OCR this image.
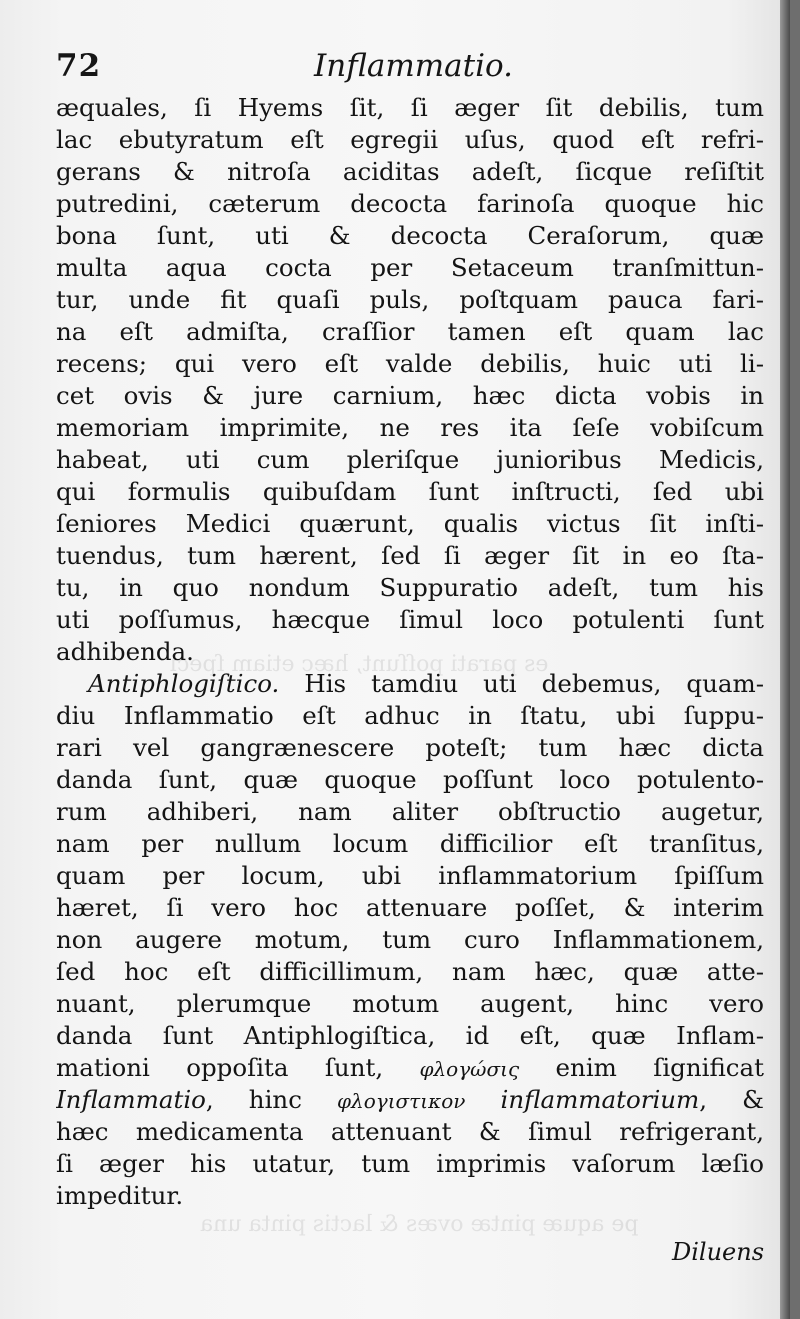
es parati poſſunt, hæc etiam ſpeci
pe aquæ pintæ ovæs & lactis pinta una
72	Inflammatio.
æquales, ſi Hyems ſit, ſi æger ſit debilis, tum
lac ebutyratum eſt egregii uſus, quod eſt refri-
gerans & nitroſa aciditas adeſt, ſicque reſiſtit
putredini, cæterum decocta farinoſa quoque hic
bona ſunt, uti & decocta Ceraſorum, quæ
multa aqua cocta per Setaceum tranſmittun-
tur, unde fit quaſi puls, poſtquam pauca fari-
na eſt admiſta, craſſior tamen eſt quam lac
recens; qui vero eſt valde debilis, huic uti li-
cet ovis & jure carnium, hæc dicta vobis in
memoriam imprimite, ne res ita ſeſe vobiſcum
habeat, uti cum pleriſque junioribus Medicis,
qui formulis quibuſdam ſunt inſtructi, ſed ubi
ſeniores Medici quærunt, qualis victus ſit inſti-
tuendus, tum hærent, ſed ſi æger ſit in eo ſta-
tu, in quo nondum Suppuratio adeſt, tum his
uti poſſumus, hæcque ſimul loco potulenti ſunt
adhibenda.
Antiphlogiſtico. His tamdiu uti debemus, quam-
diu Inflammatio eſt adhuc in ſtatu, ubi ſuppu-
rari vel gangrænescere poteſt; tum hæc dicta
danda ſunt, quæ quoque poſſunt loco potulento-
rum adhiberi, nam aliter obſtructio augetur,
nam per nullum locum difficilior eſt tranſitus,
quam per locum, ubi inflammatorium ſpiſſum
hæret, ſi vero hoc attenuare poſſet, & interim
non augere motum, tum curo Inflammationem,
ſed hoc eſt difficillimum, nam hæc, quæ atte-
nuant, plerumque motum augent, hinc vero
danda ſunt Antiphlogiſtica, id eſt, quæ Inflam-
mationi oppoſita ſunt, φλογώσις enim ſignificat
Inflammatio, hinc φλογιστικον inflammatorium, &
hæc medicamenta attenuant & ſimul refrigerant,
ſi æger his utatur, tum imprimis vaſorum læſio
impeditur.
Diluens
